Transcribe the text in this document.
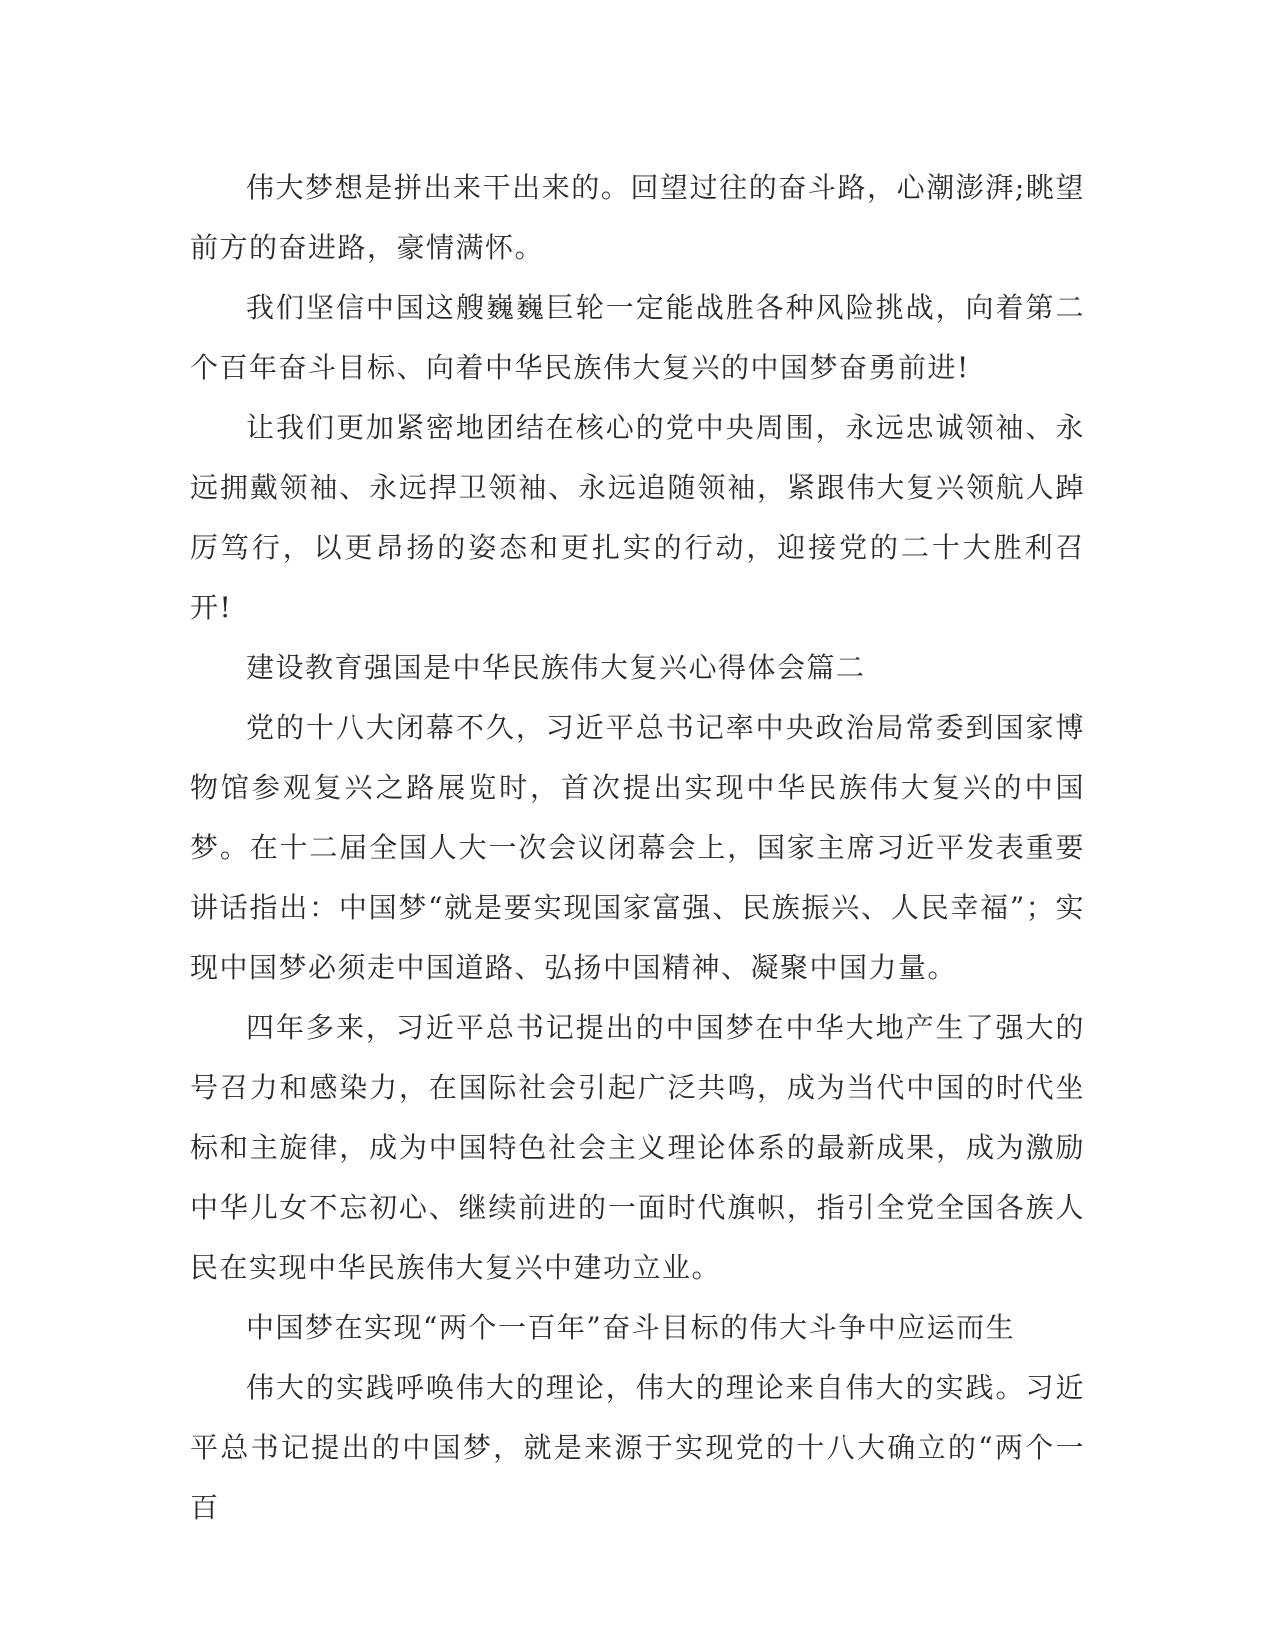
伟大梦想是拼出来干出来的。回望过往的奋斗路，心潮澎湃;眺望前方的奋进路，豪情满怀。

我们坚信中国这艘巍巍巨轮一定能战胜各种风险挑战，向着第二个百年奋斗目标、向着中华民族伟大复兴的中国梦奋勇前进!

让我们更加紧密地团结在核心的党中央周围，永远忠诚领袖、永远拥戴领袖、永远捍卫领袖、永远追随领袖，紧跟伟大复兴领航人踔厉笃行，以更昂扬的姿态和更扎实的行动，迎接党的二十大胜利召开!

建设教育强国是中华民族伟大复兴心得体会篇二

党的十八大闭幕不久，习近平总书记率中央政治局常委到国家博物馆参观复兴之路展览时，首次提出实现中华民族伟大复兴的中国梦。在十二届全国人大一次会议闭幕会上，国家主席习近平发表重要讲话指出：中国梦“就是要实现国家富强、民族振兴、人民幸福”；实现中国梦必须走中国道路、弘扬中国精神、凝聚中国力量。

四年多来，习近平总书记提出的中国梦在中华大地产生了强大的号召力和感染力，在国际社会引起广泛共鸣，成为当代中国的时代坐标和主旋律，成为中国特色社会主义理论体系的最新成果，成为激励中华儿女不忘初心、继续前进的一面时代旗帜，指引全党全国各族人民在实现中华民族伟大复兴中建功立业。

中国梦在实现“两个一百年”奋斗目标的伟大斗争中应运而生

伟大的实践呼唤伟大的理论，伟大的理论来自伟大的实践。习近平总书记提出的中国梦，就是来源于实现党的十八大确立的“两个一百
